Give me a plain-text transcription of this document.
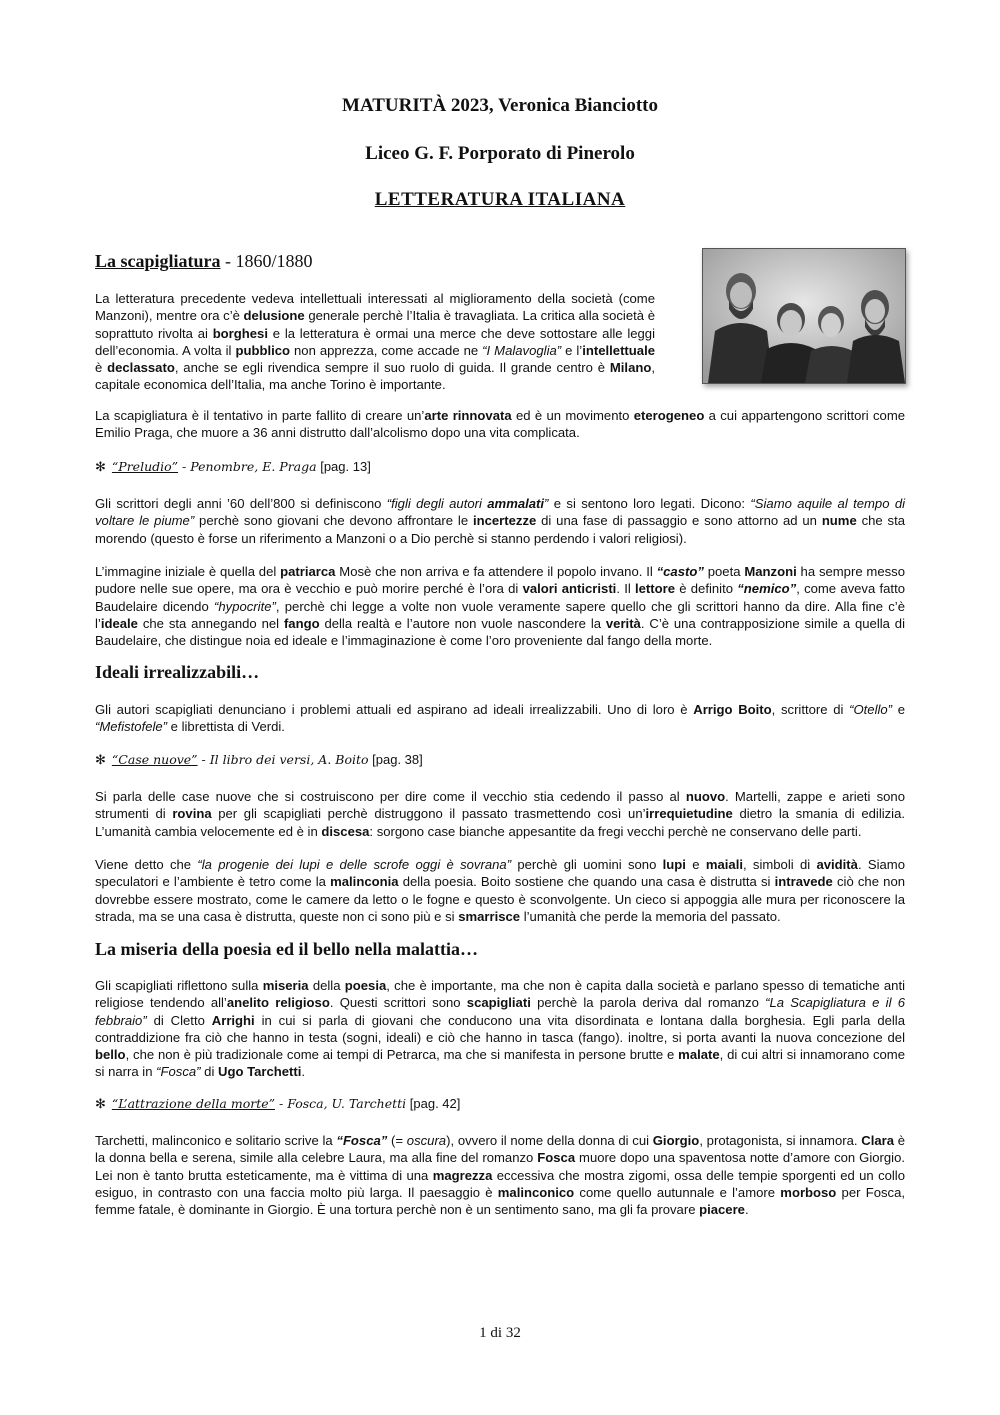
MATURITÀ 2023, Veronica Bianciotto
Liceo G. F. Porporato di Pinerolo
LETTERATURA ITALIANA
La scapigliatura - 1860/1880

La letteratura precedente vedeva intellettuali interessati al miglioramento della società (come Manzoni), mentre ora c’è delusione generale perchè l’Italia è travagliata. La critica alla società è soprattuto rivolta ai borghesi e la letteratura è ormai una merce che deve sottostare alle leggi dell’economia. A volta il pubblico non apprezza, come accade ne “I Malavoglia” e l’intellettuale è declassato, anche se egli rivendica sempre il suo ruolo di guida. Il grande centro è Milano, capitale economica dell’Italia, ma anche Torino è importante.

La scapigliatura è il tentativo in parte fallito di creare un’arte rinnovata ed è un movimento eterogeneo a cui appartengono scrittori come Emilio Praga, che muore a 36 anni distrutto dall’alcolismo dopo una vita complicata.

✻ “Preludio” - Penombre, E. Praga [pag. 13]

Gli scrittori degli anni ’60 dell’800 si definiscono “figli degli autori ammalati” e si sentono loro legati. Dicono: “Siamo aquile al tempo di voltare le piume” perchè sono giovani che devono affrontare le incertezze di una fase di passaggio e sono attorno ad un nume che sta morendo (questo è forse un riferimento a Manzoni o a Dio perchè si stanno perdendo i valori religiosi).

L’immagine iniziale è quella del patriarca Mosè che non arriva e fa attendere il popolo invano. Il “casto” poeta Manzoni ha sempre messo pudore nelle sue opere, ma ora è vecchio e può morire perché è l’ora di valori anticristi. Il lettore è definito “nemico”, come aveva fatto Baudelaire dicendo “hypocrite”, perchè chi legge a volte non vuole veramente sapere quello che gli scrittori hanno da dire. Alla fine c’è l’ideale che sta annegando nel fango della realtà e l’autore non vuole nascondere la verità. C’è una contrapposizione simile a quella di Baudelaire, che distingue noia ed ideale e l’immaginazione è come l’oro proveniente dal fango della morte.

Ideali irrealizzabili…

Gli autori scapigliati denunciano i problemi attuali ed aspirano ad ideali irrealizzabili. Uno di loro è Arrigo Boito, scrittore di “Otello” e “Mefistofele” e librettista di Verdi.

✻ “Case nuove” - Il libro dei versi, A. Boito [pag. 38]

Si parla delle case nuove che si costruiscono per dire come il vecchio stia cedendo il passo al nuovo. Martelli, zappe e arieti sono strumenti di rovina per gli scapigliati perchè distruggono il passato trasmettendo così un’irrequietudine dietro la smania di edilizia. L’umanità cambia velocemente ed è in discesa: sorgono case bianche appesantite da fregi vecchi perchè ne conservano delle parti.

Viene detto che “la progenie dei lupi e delle scrofe oggi è sovrana” perchè gli uomini sono lupi e maiali, simboli di avidità. Siamo speculatori e l’ambiente è tetro come la malinconia della poesia. Boito sostiene che quando una casa è distrutta si intravede ciò che non dovrebbe essere mostrato, come le camere da letto o le fogne e questo è sconvolgente. Un cieco si appoggia alle mura per riconoscere la strada, ma se una casa è distrutta, queste non ci sono più e si smarrisce l’umanità che perde la memoria del passato.

La miseria della poesia ed il bello nella malattia…

Gli scapigliati riflettono sulla miseria della poesia, che è importante, ma che non è capita dalla società e parlano spesso di tematiche anti religiose tendendo all’anelito religioso. Questi scrittori sono scapigliati perchè la parola deriva dal romanzo “La Scapigliatura e il 6 febbraio” di Cletto Arrighi in cui si parla di giovani che conducono una vita disordinata e lontana dalla borghesia. Egli parla della contraddizione fra ciò che hanno in testa (sogni, ideali) e ciò che hanno in tasca (fango). inoltre, si porta avanti la nuova concezione del bello, che non è più tradizionale come ai tempi di Petrarca, ma che si manifesta in persone brutte e malate, di cui altri si innamorano come si narra in “Fosca” di Ugo Tarchetti.

✻ “L’attrazione della morte” - Fosca, U. Tarchetti [pag. 42]

Tarchetti, malinconico e solitario scrive la “Fosca” (= oscura), ovvero il nome della donna di cui Giorgio, protagonista, si innamora. Clara è la donna bella e serena, simile alla celebre Laura, ma alla fine del romanzo Fosca muore dopo una spaventosa notte d’amore con Giorgio. Lei non è tanto brutta esteticamente, ma è vittima di una magrezza eccessiva che mostra zigomi, ossa delle tempie sporgenti ed un collo esiguo, in contrasto con una faccia molto più larga. Il paesaggio è malinconico come quello autunnale e l’amore morboso per Fosca, femme fatale, è dominante in Giorgio. È una tortura perchè non è un sentimento sano, ma gli fa provare piacere.

1 di 32
